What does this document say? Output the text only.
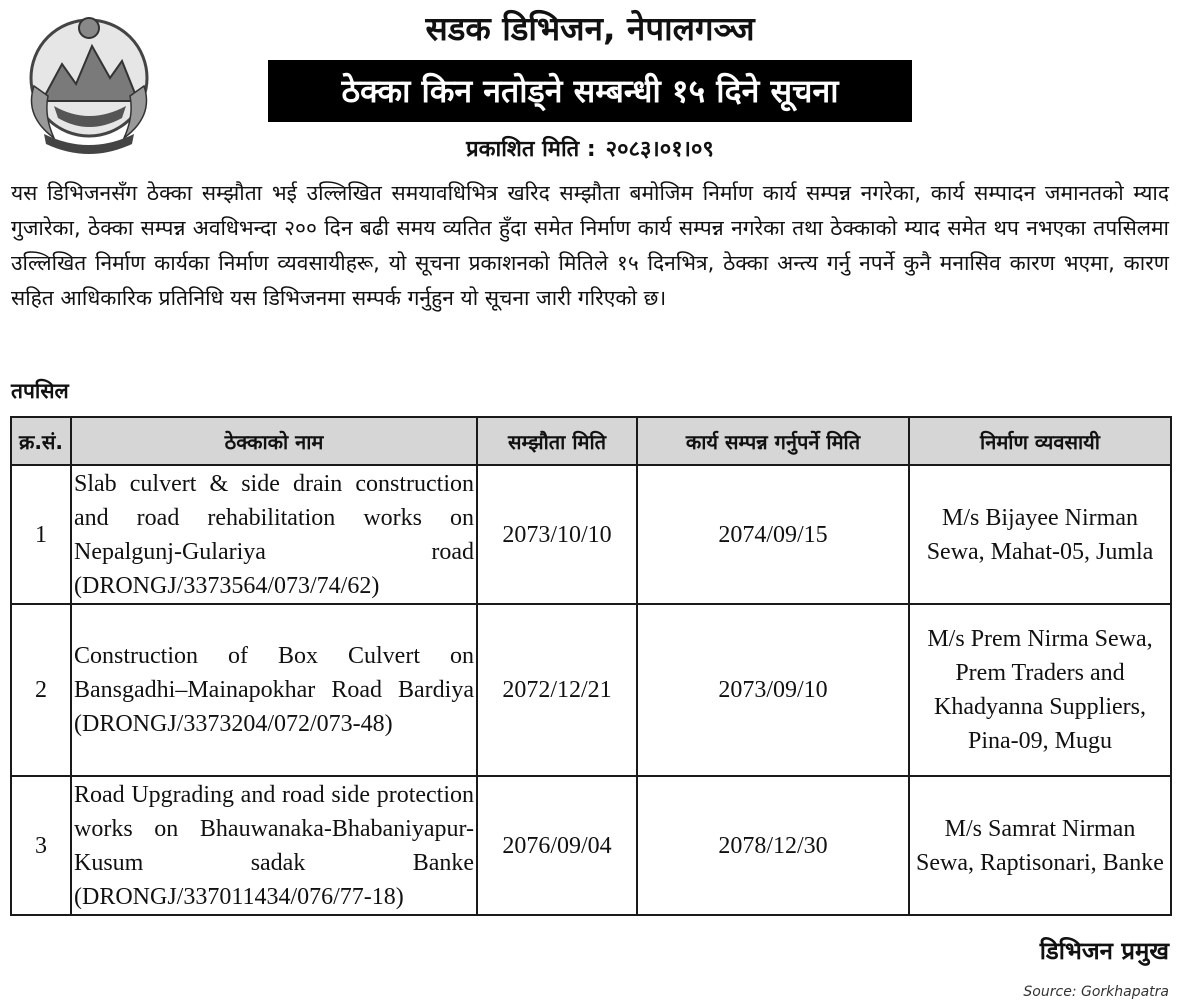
सडक डिभिजन, नेपालगञ्ज
ठेक्का किन नतोड्ने सम्बन्धी १५ दिने सूचना
प्रकाशित मिति : २०८३।०१।०९

यस डिभिजनसँग ठेक्का सम्झौता भई उल्लिखित समयावधिभित्र खरिद सम्झौता बमोजिम निर्माण कार्य सम्पन्न नगरेका, कार्य सम्पादन जमानतको म्याद गुजारेका, ठेक्का सम्पन्न अवधिभन्दा २०० दिन बढी समय व्यतित हुँदा समेत निर्माण कार्य सम्पन्न नगरेका तथा ठेक्काको म्याद समेत थप नभएका तपसिलमा उल्लिखित निर्माण कार्यका निर्माण व्यवसायीहरू, यो सूचना प्रकाशनको मितिले १५ दिनभित्र, ठेक्का अन्त्य गर्नु नपर्ने कुनै मनासिव कारण भएमा, कारण सहित आधिकारिक प्रतिनिधि यस डिभिजनमा सम्पर्क गर्नुहुन यो सूचना जारी गरिएको छ।

तपसिल
क्र.सं.	ठेक्काको नाम	सम्झौता मिति	कार्य सम्पन्न गर्नुपर्ने मिति	निर्माण व्यवसायी
1	Slab culvert & side drain construction and road rehabilitation works on Nepalgunj-Gulariya road (DRONGJ/3373564/073/74/62)	2073/10/10	2074/09/15	M/s Bijayee Nirman Sewa, Mahat-05, Jumla
2	Construction of Box Culvert on Bansgadhi–Mainapokhar Road Bardiya (DRONGJ/3373204/072/073-48)	2072/12/21	2073/09/10	M/s Prem Nirma Sewa, Prem Traders and Khadyanna Suppliers, Pina-09, Mugu
3	Road Upgrading and road side protection works on Bhauwanaka-Bhabaniyapur-Kusum sadak Banke (DRONGJ/337011434/076/77-18)	2076/09/04	2078/12/30	M/s Samrat Nirman Sewa, Raptisonari, Banke
डिभिजन प्रमुख
Source: Gorkhapatra
